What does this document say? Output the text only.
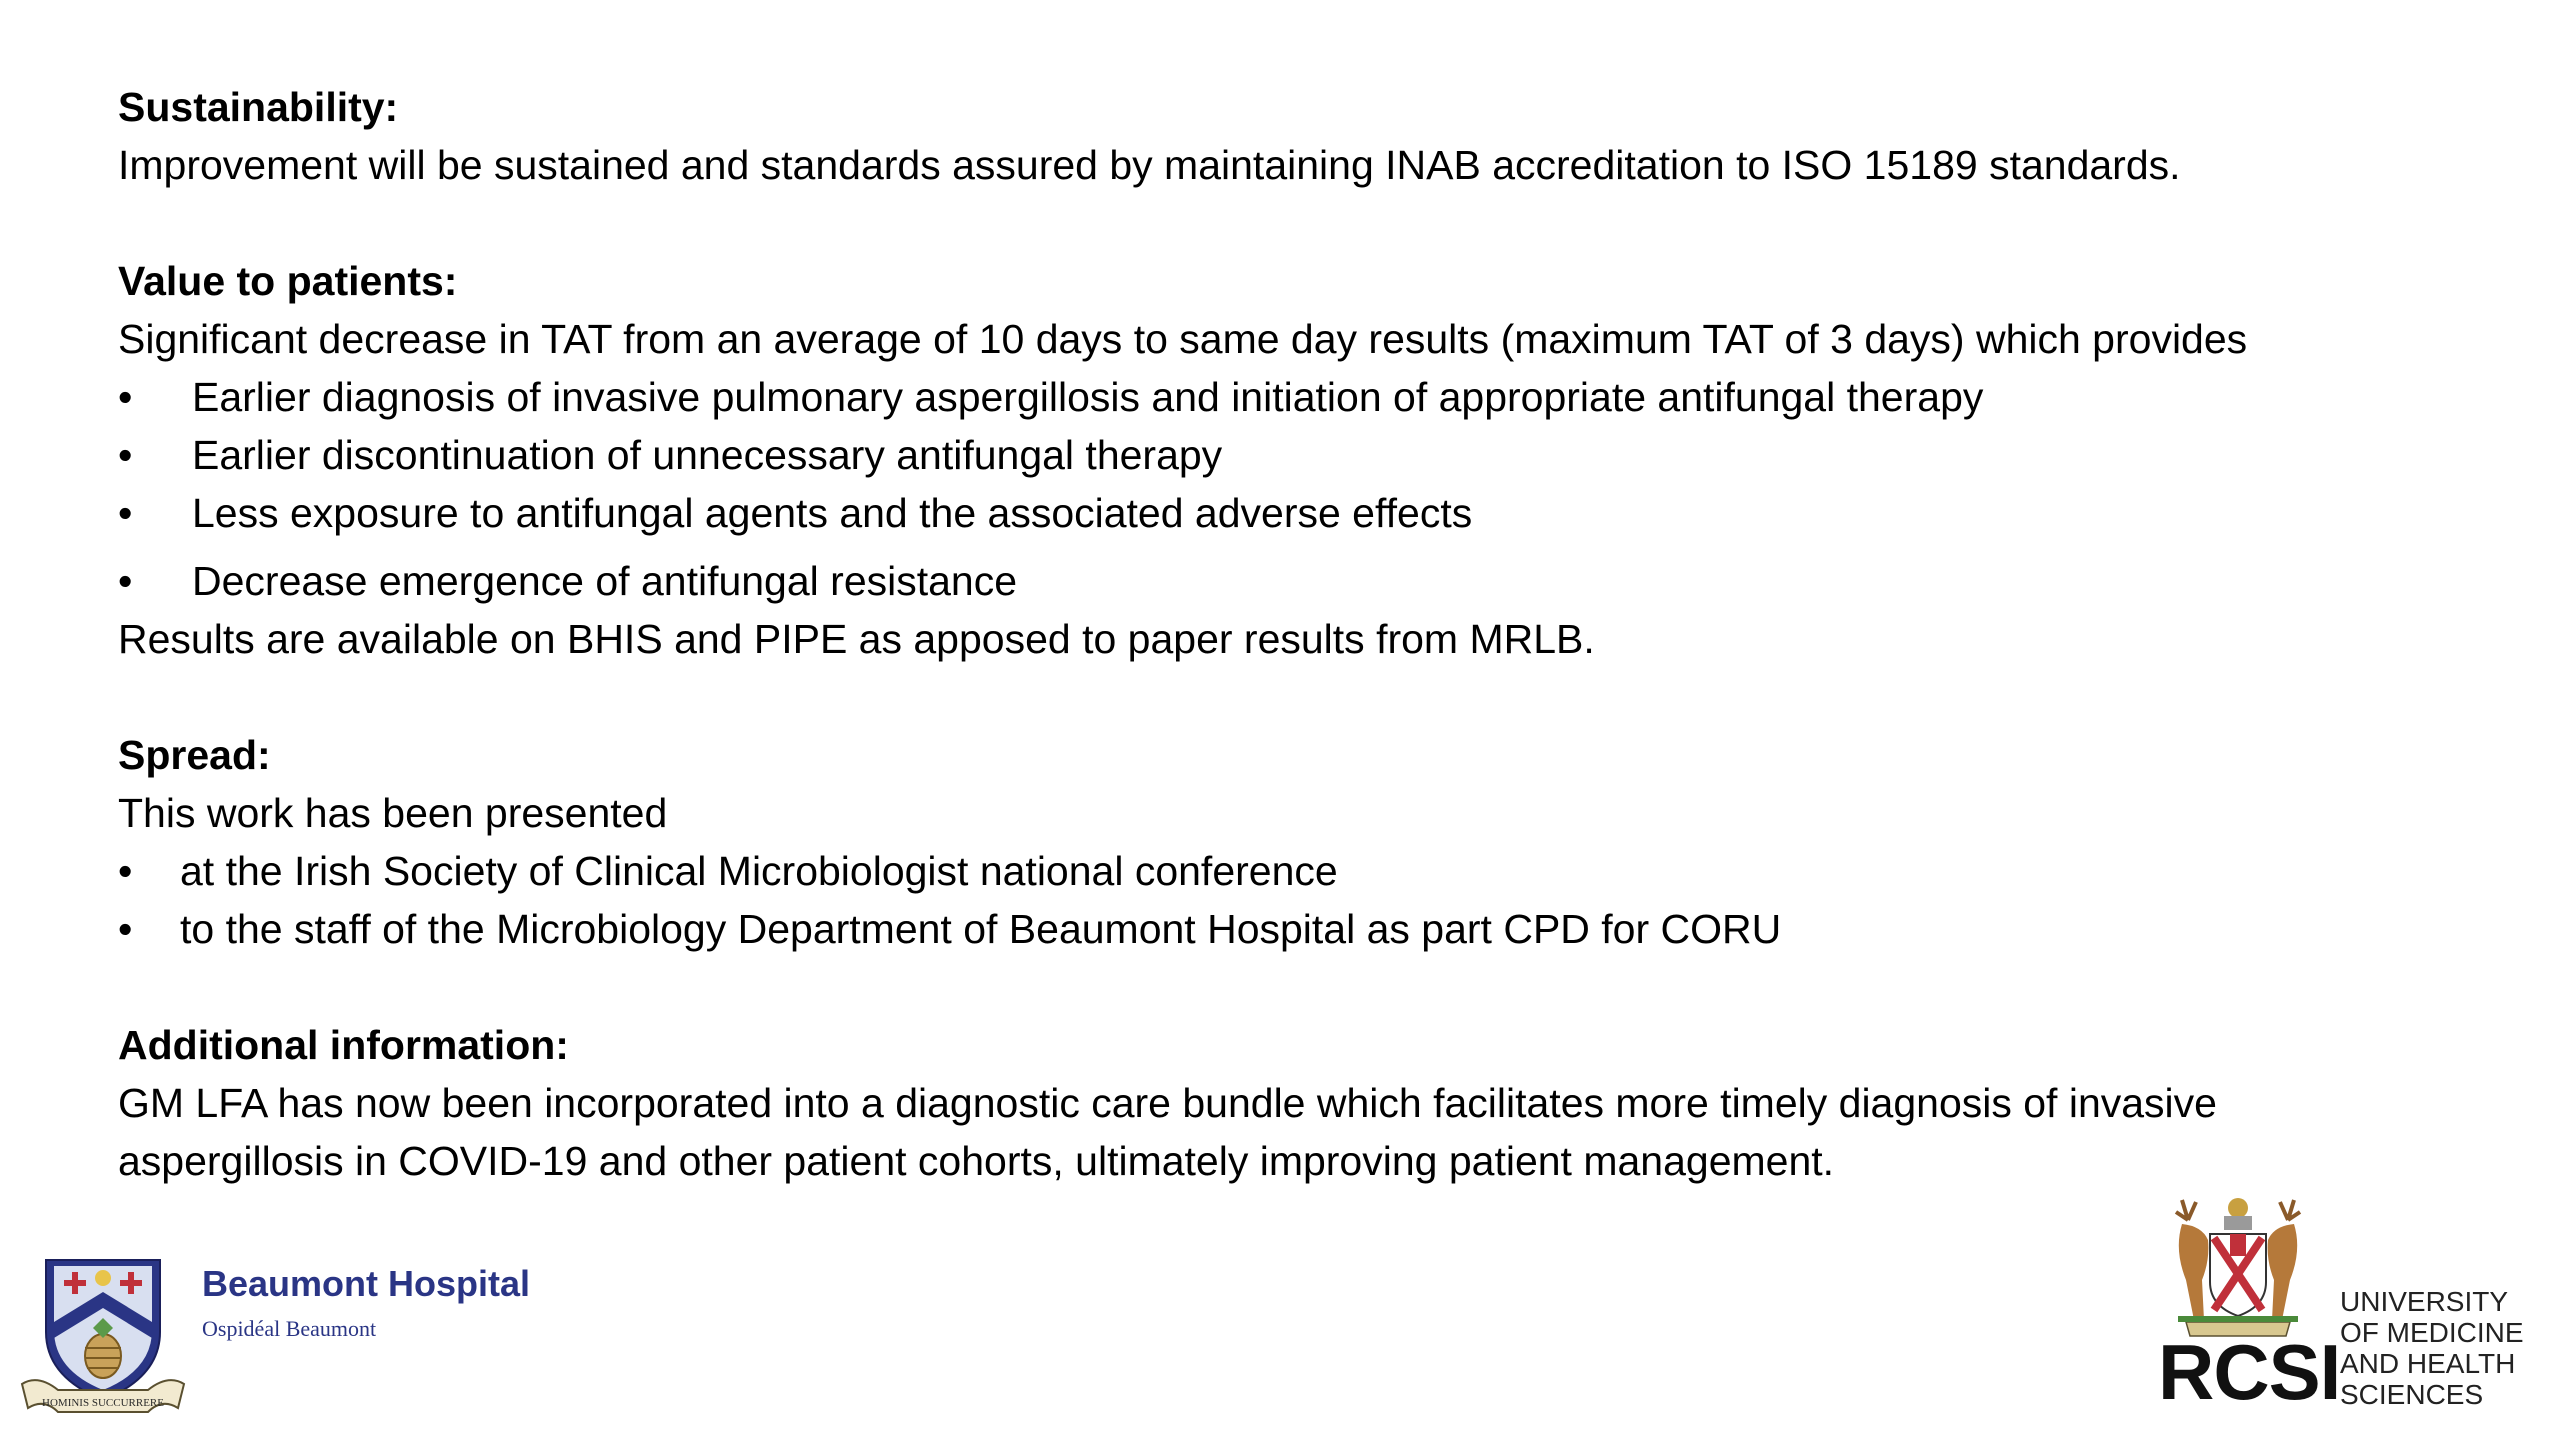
Sustainability:

Improvement will be sustained and standards assured by maintaining INAB accreditation to ISO 15189 standards.

Value to patients:

Significant decrease in TAT from an average of 10 days to same day results (maximum TAT of 3 days) which provides

• Earlier diagnosis of invasive pulmonary aspergillosis and initiation of appropriate antifungal therapy
• Earlier discontinuation of unnecessary antifungal therapy
• Less exposure to antifungal agents and the associated adverse effects
• Decrease emergence of antifungal resistance

Results are available on BHIS and PIPE as apposed to paper results from MRLB.

Spread:

This work has been presented

• at the Irish Society of Clinical Microbiologist national conference
• to the staff of the Microbiology Department of Beaumont Hospital as part CPD for CORU

Additional information:

GM LFA has now been incorporated into a diagnostic care bundle which facilitates more timely diagnosis of invasive

aspergillosis in COVID-19 and other patient cohorts, ultimately improving patient management.

HOMINIS SUCCURRERE
Beaumont Hospital
Ospidéal Beaumont	RCSI
UNIVERSITY
OF MEDICINE
AND HEALTH
SCIENCES
